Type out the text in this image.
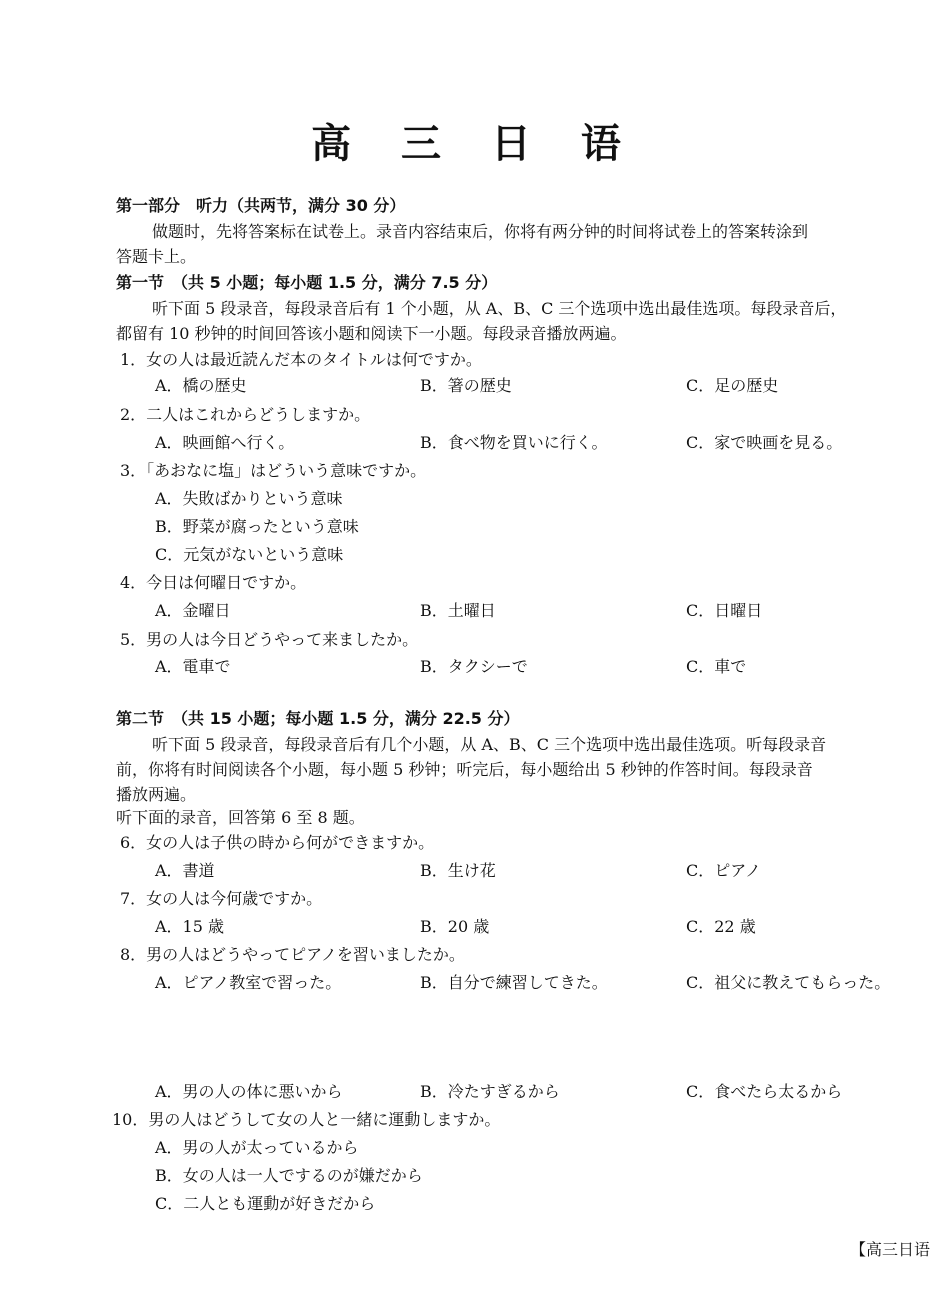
高 三 日 语
第一部分　听力（共两节，满分 30 分）
做题时，先将答案标在试卷上。录音内容结束后，你将有两分钟的时间将试卷上的答案转涂到
答题卡上。
第一节　（共 5 小题；每小题 1.5 分，满分 7.5 分）
听下面 5 段录音，每段录音后有 1 个小题，从 A、B、C 三个选项中选出最佳选项。每段录音后，
都留有 10 秒钟的时间回答该小题和阅读下一小题。每段录音播放两遍。
1．女の人は最近読んだ本のタイトルは何ですか。
A．橋の歴史	B．箸の歴史	C．足の歴史
2．二人はこれからどうしますか。
A．映画館へ行く。	B．食べ物を買いに行く。	C．家で映画を見る。
3．「あおなに塩」はどういう意味ですか。
A．失敗ばかりという意味
B．野菜が腐ったという意味
C．元気がないという意味
4．今日は何曜日ですか。
A．金曜日	B．土曜日	C．日曜日
5．男の人は今日どうやって来ましたか。
A．電車で	B．タクシーで	C．車で
第二节　（共 15 小题；每小题 1.5 分，满分 22.5 分）
听下面 5 段录音，每段录音后有几个小题，从 A、B、C 三个选项中选出最佳选项。听每段录音
前，你将有时间阅读各个小题，每小题 5 秒钟；听完后，每小题给出 5 秒钟的作答时间。每段录音
播放两遍。
听下面的录音，回答第 6 至 8 题。
6．女の人は子供の時から何ができますか。
A．書道	B．生け花	C．ピアノ
7．女の人は今何歳ですか。
A．15 歳	B．20 歳	C．22 歳
8．男の人はどうやってピアノを習いましたか。
A．ピアノ教室で習った。	B．自分で練習してきた。	C．祖父に教えてもらった。
A．男の人の体に悪いから	B．冷たすぎるから	C．食べたら太るから
10．男の人はどうして女の人と一緒に運動しますか。
A．男の人が太っているから
B．女の人は一人でするのが嫌だから
C．二人とも運動が好きだから
【高三日语
